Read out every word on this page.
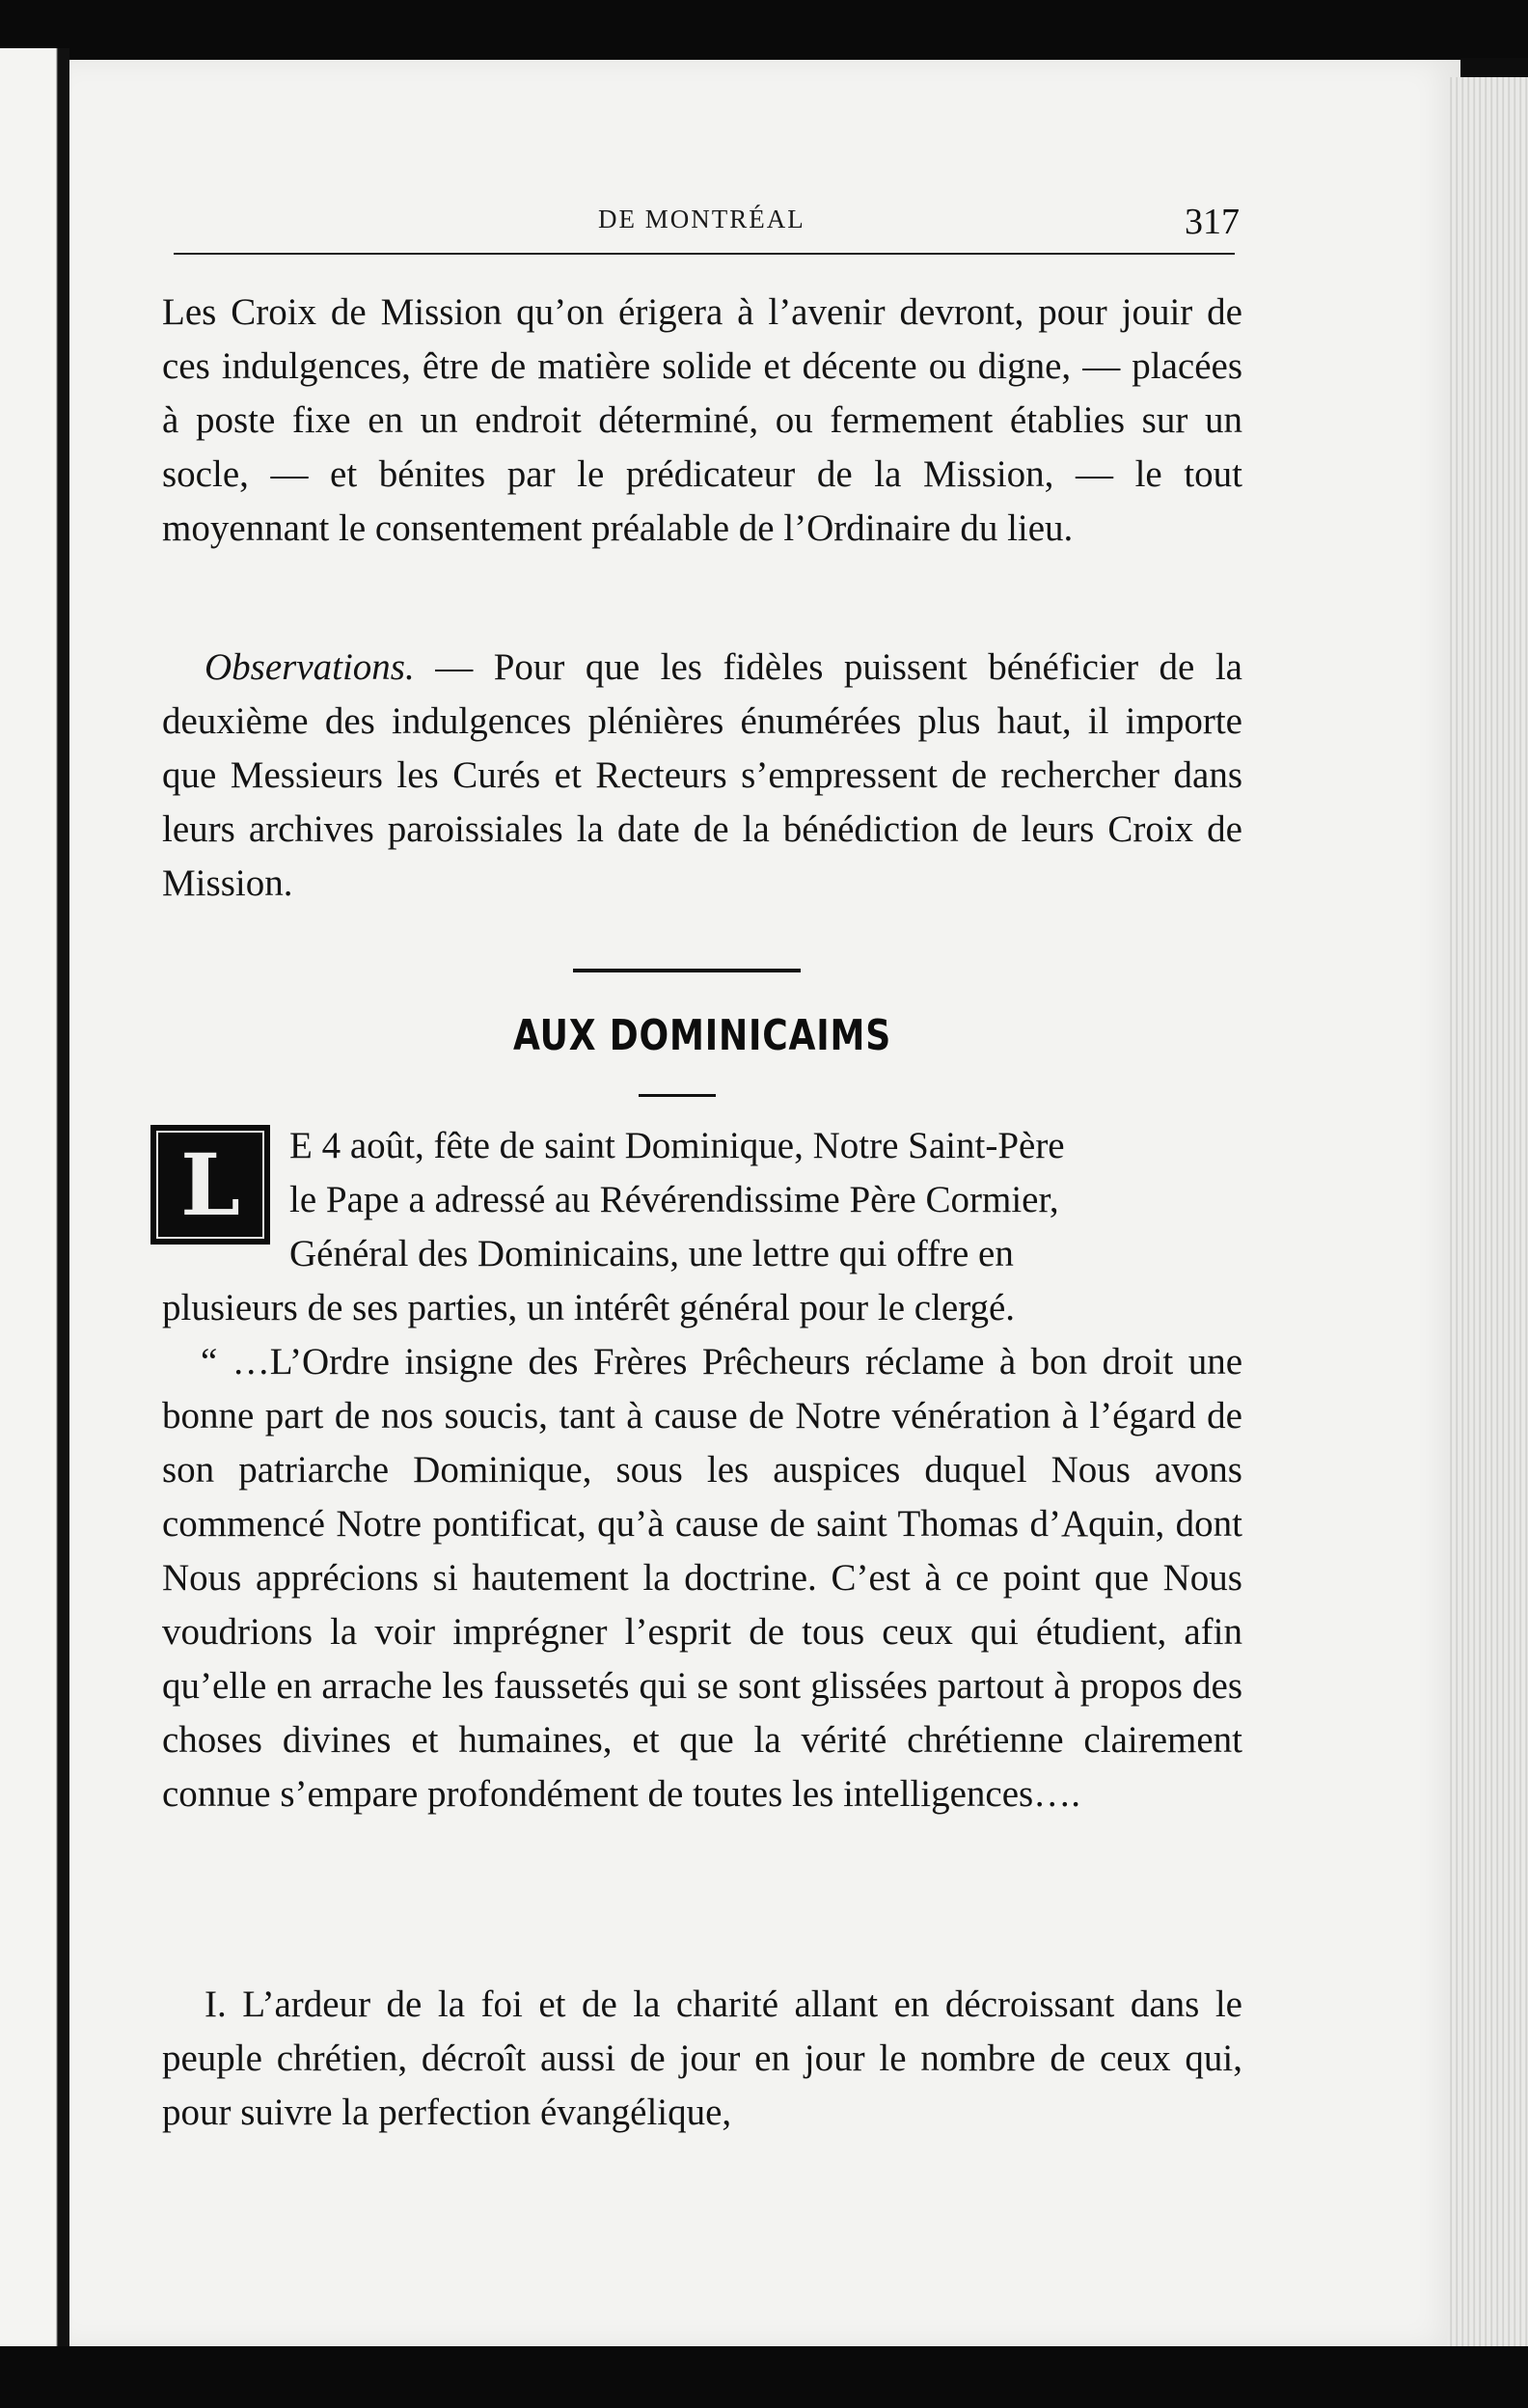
DE MONTRÉAL	317

Les Croix de Mission qu’on érigera à l’avenir devront, pour jouir de ces indulgences, être de matière solide et décente ou digne, — placées à poste fixe en un endroit déterminé, ou fermement établies sur un socle, — et bénites par le prédicateur de la Mission, — le tout moyennant le consentement préalable de l’Ordinaire du lieu.

Observations. — Pour que les fidèles puissent bénéficier de la deuxième des indulgences plénières énumérées plus haut, il importe que Messieurs les Curés et Recteurs s’empressent de rechercher dans leurs archives paroissiales la date de la bénédiction de leurs Croix de Mission.

AUX DOMINICAIMS
L	E 4 août, fête de saint Dominique, Notre Saint-Père
le Pape a adressé au Révérendissime Père Cormier,
Général des Dominicains, une lettre qui offre en
plusieurs de ses parties, un intérêt général pour le clergé.

“ …L’Ordre insigne des Frères Prêcheurs réclame à bon droit une bonne part de nos soucis, tant à cause de Notre vénération à l’égard de son patriarche Dominique, sous les auspices duquel Nous avons commencé Notre pontificat, qu’à cause de saint Thomas d’Aquin, dont Nous apprécions si hautement la doctrine. C’est à ce point que Nous voudrions la voir imprégner l’esprit de tous ceux qui étudient, afin qu’elle en arrache les faussetés qui se sont glissées partout à propos des choses divines et humaines, et que la vérité chrétienne clairement connue s’empare profondément de toutes les intelligences….

I. L’ardeur de la foi et de la charité allant en décroissant dans le peuple chrétien, décroît aussi de jour en jour le nombre de ceux qui, pour suivre la perfection évangélique,
